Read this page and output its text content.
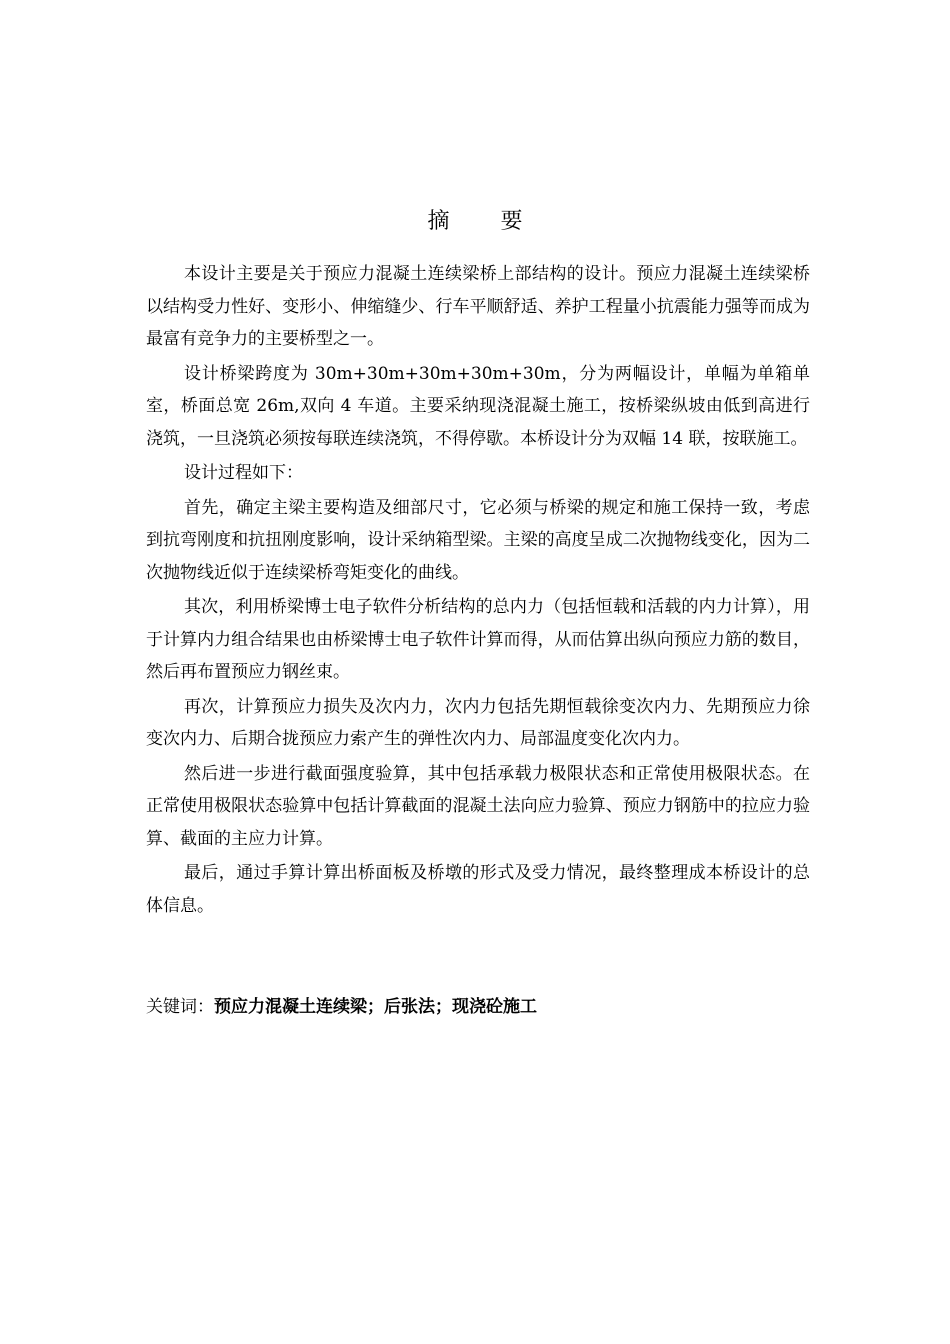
摘 要

本设计主要是关于预应力混凝土连续梁桥上部结构的设计。预应力混凝土连续梁桥以结构受力性好、变形小、伸缩缝少、行车平顺舒适、养护工程量小抗震能力强等而成为最富有竞争力的主要桥型之一。

设计桥梁跨度为 30m+30m+30m+30m+30m，分为两幅设计，单幅为单箱单室，桥面总宽 26m,双向 4 车道。主要采纳现浇混凝土施工，按桥梁纵坡由低到高进行浇筑，一旦浇筑必须按每联连续浇筑，不得停歇。本桥设计分为双幅 14 联，按联施工。

设计过程如下：

首先，确定主梁主要构造及细部尺寸，它必须与桥梁的规定和施工保持一致，考虑到抗弯刚度和抗扭刚度影响，设计采纳箱型梁。主梁的高度呈成二次抛物线变化，因为二次抛物线近似于连续梁桥弯矩变化的曲线。

其次，利用桥梁博士电子软件分析结构的总内力（包括恒载和活载的内力计算），用于计算内力组合结果也由桥梁博士电子软件计算而得，从而估算出纵向预应力筋的数目，然后再布置预应力钢丝束。

再次，计算预应力损失及次内力，次内力包括先期恒载徐变次内力、先期预应力徐变次内力、后期合拢预应力索产生的弹性次内力、局部温度变化次内力。

然后进一步进行截面强度验算，其中包括承载力极限状态和正常使用极限状态。在正常使用极限状态验算中包括计算截面的混凝土法向应力验算、预应力钢筋中的拉应力验算、截面的主应力计算。

最后，通过手算计算出桥面板及桥墩的形式及受力情况，最终整理成本桥设计的总体信息。

关键词：预应力混凝土连续梁；后张法；现浇砼施工
